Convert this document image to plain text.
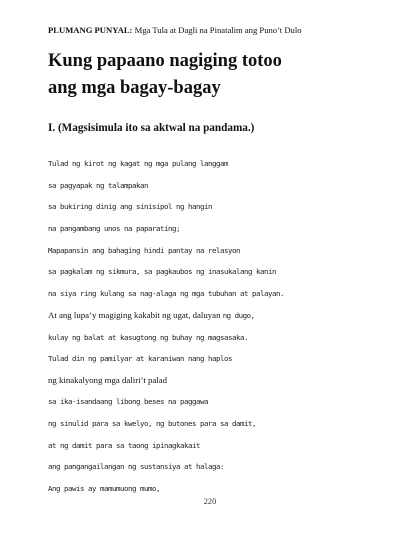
PLUMANG PUNYAL: Mga Tula at Dagli na Pinatalim ang Puno’t Dulo
Kung papaano nagiging totoo
ang mga bagay-bagay
I. (Magsisimula ito sa aktwal na pandama.)
Tulad ng kirot ng kagat ng mga pulang langgam
sa pagyapak ng talampakan
sa bukiring dinig ang sinisipol ng hangin
na pangambang unos na paparating;
Mapapansin ang bahaging hindi pantay na relasyon
sa pagkalam ng sikmura, sa pagkaubos ng inasukalang kanin
na siya ring kulang sa nag-alaga ng mga tubuhan at palayan.
At ang lupa’y magiging kakabit ng ugat, daluyan ng dugo,
kulay ng balat at kasugtong ng buhay ng magsasaka.
Tulad din ng pamilyar at karaniwan nang haplos
ng kinakalyong mga daliri’t palad
sa ika-isandaang libong beses na paggawa
ng sinulid para sa kwelyo, ng butones para sa damit,
at ng damit para sa taong ipinagkakait
ang pangangailangan ng sustansiya at halaga:
Ang pawis ay mamumuong mumo,
220
